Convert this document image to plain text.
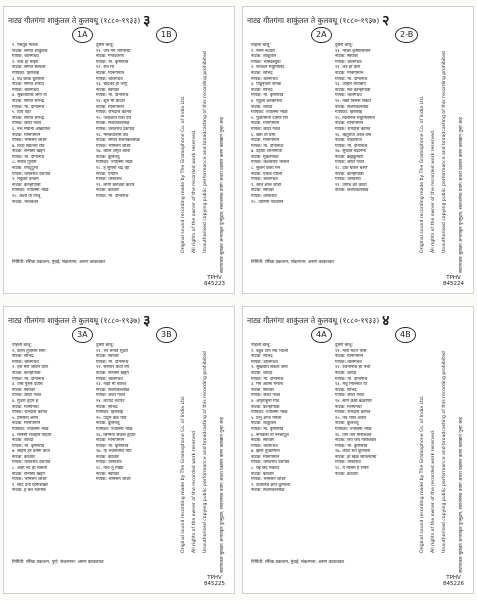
नाट्य गीतगंगा शाकुंतल ते कुलवधू (१८८०-१९३३) ३
1A	1B
१. पंचतुंड नररुंड
नाटक: संगीत शाकुंतल
गायक: बालगंधर्व
२. नाथ हा माझा
नाटक: संगीत स्वयंवर
गायिका: हिराबाई
३. वद जाऊ कुणाला
नाटक: संगीत शारदा
गायक: बालगंधर्व
४. सुकतातचि जगी या
नाटक: संगीत सौभद्र
गायक: मा. दीनानाथ
५. प्रिये पहा
नाटक: संगीत सौभद्र
गायक: छोटा गंधर्व
६. नभ मेघांनी आक्रमिले
नाटक: मानापमान
गायक: भीमसेन जोशी
७. दिव्य स्वातंत्र्य रवि
नाटक: संन्यस्त खड्ग
गायक: मा. दीनानाथ
८. सत्तेचे गुलाम
नाटक: रणदुंदुभी
गायक: वसंतराव देशपांडे
९. मधुकर वनवन
नाटक: कान्होपात्रा
गायिका: ज्योत्स्ना भोळे
१०. कशी या त्यजू
नाटक: भावबंधन
दुसरी बाजू:
११. जय गंगे भागीरथी
नाटक: गंगावतरण
गायक: मा. कृष्णराव
१२. रवि मी
नाटक: मानापमान
गायक: बालगंधर्व
१३. चंद्रिका ही जणू
नाटक: स्वयंवर
गायक: मा. दीनानाथ
१४. शूरा मी वंदिले
नाटक: मानापमान
गायक: रामदास कामत
१५. परवशता पाश दैवे
नाटक: संशयकल्लोळ
गायक: वसंतराव देशपांडे
१६. मर्मबंधातली ठेव
नाटक: संगीत संशयकल्लोळ
गायक: भीमसेन जोशी
१७. बोला अमृत बोला
नाटक: कुलवधू
गायिका: ज्योत्स्ना भोळे
१८. हे सुरांनो चंद्र व्हा
नाटक: ययाति
गायक: वसंतराव
१९. लागी करेजवा कटार
नाटक: कट्यार
गायक: मा. दीनानाथ
निर्मिती: रसिक प्रकाशन, मुंबई; संकल्पना: अरुण काकतकर
Original sound recording made by The Gramophone Co. of India Ltd.	All rights of the owner of the recorded work reserved.	Unauthorised copying public performance and broadcasting of this recording prohibited	सर्वाधिकार सुरक्षित अनधिकृत पुनर्मुद्रण, सार्वजनिक प्रयोग अथवा प्रक्षेपण करणे कायद्याने गुन्हा आहे
TPHV
845223
नाट्य गीतगंगा शाकुंतल ते कुलवधू (१८८०-१९३७) २
2A	2-B
पहिली बाजू:
१. नमन नटवरा
नाटक: शाकुंतल
गायक: भास्करबुवा
२. राधाधर मधुमिलिंद
नाटक: सौभद्र
गायक: बालगंधर्व
३. पांडुनृपती जनक
नाटक: सौभद्र
गायक: मा. कृष्णराव
४. मृदुला करकमला
नाटक: शारदा
गायिका: ज्योत्स्ना भोळे
५. युवतिमना दारुण रण
नाटक: मानापमान
गायक: छोटा गंधर्व
६. खरा तो प्रेमा
नाटक: मानापमान
गायक: मा. दीनानाथ
७. देहाता शरणागता
नाटक: मूकनायक
गायक: केशवराव भोसले
८. सुजन कसा मन
नाटक: एकच प्याला
गायक: बालगंधर्व
९. लाल शाल जोडी
नाटक: स्वयंवर
गायक: वसंतराव
१०. तारिणी नववसन
दुसरी बाजू:
११. नरवर कृष्णासमान
नाटक: स्वयंवर
गायक: बालगंधर्व
१२. कर हा करी
नाटक: मानापमान
गायक: मा. दीनानाथ
१३. जोहार मायबाप
नाटक: संत कान्होपात्रा
गायक: बालगंधर्व
१४. नको विसरू संकेत
नाटक: संशयकल्लोळ
गायिका: हिराबाई
१५. विलोपले मधुमिलनात
नाटक: मानापमान
गायक: रामदास कामत
१६. ऋतुराज आज वनी
नाटक: पंडितराज
गायक: मा. दीनानाथ
१७. सुकांत चंद्रानना
नाटक: ब्रह्मकुमारी
गायक: छोटा गंधर्व
१८. देवा धरिले चरण
नाटक: कान्होपात्रा
गायक: वसंतराव
१९. उगीच का कांता
नाटक: संशयकल्लोळ
निर्मिती: रसिक प्रकाशन; संकल्पना: अरुण काकतकर
Original sound recording made by The Gramophone Co. of India Ltd.	All rights of the owner of the recorded work reserved.	Unauthorised copying public performance and broadcasting of this recording prohibited	सर्वाधिकार सुरक्षित अनधिकृत पुनर्मुद्रण, सार्वजनिक प्रयोग अथवा प्रक्षेपण करणे कायद्याने गुन्हा आहे
TPHV
845224
नाट्य गीतगंगा शाकुंतल ते कुलवधू (१८८०-१९३७) ३
3A	3B
पहिली बाजू:
१. कोण तुजसम सांग
नाटक: सौभद्र
गायक: बालगंधर्व
२. हरी मेरो जीवन प्राण
नाटक: कान्होपात्रा
गायक: मा. दीनानाथ
३. तेचि पुरुष दैवाचे
नाटक: स्वयंवर
गायक: छोटा गंधर्व
४. गुंतता हृदय हे
नाटक: मत्स्यगंधा
गायक: रामदास कामत
५. प्रेमसेवा शरण
नाटक: मानापमान
गायिका: ज्योत्स्ना भोळे
६. मानसी राजहंस पोहतो
नाटक: शारदा
गायक: मा. कृष्णराव
७. सोहम् हर डमरू बाजे
नाटक: कट्यार
गायक: वसंतराव देशपांडे
८. अशी नटे ही चारुता
नाटक: संन्यस्त खड्ग
गायक: भीमसेन जोशी
९. साद देती हिमशिखरे
नाटक: हे बंध रेशमाचे
दुसरी बाजू:
११. भरे मनात सुंदरा
नाटक: स्वयंवर
गायक: मा. दीनानाथ
१२. सरणार कधी रण
नाटक: संन्यस्त खड्ग
गायक: बालगंधर्व
१३. नाही मी बोलत
नाटक: संशयकल्लोळ
गायक: छोटा गंधर्व
१४. लटपट लटपट
नाटक: सौभद्र
गायिका: हिराबाई
१५. दाटून कंठ येतो
नाटक: कुलवधू
गायिका: ज्योत्स्ना भोळे
१६. चिन्मया सकल हृदया
नाटक: मानापमान
गायक: मा. कृष्णराव
१७. या भवनातील गीत
नाटक: कट्यार
गायक: वसंतराव
१८. नाथ तू माझा
नाटक: स्वयंवर
गायक: भीमसेन जोशी
निर्मिती: रसिक प्रकाशन, पुणे; संकल्पना: अरुण काकतकर
Original sound recording made by The Gramophone Co. of India Ltd.	All rights of the owner of the recorded work reserved.	Unauthorised copying public performance and broadcasting of this recording prohibited	सर्वाधिकार सुरक्षित अनधिकृत पुनर्मुद्रण, सार्वजनिक प्रयोग अथवा प्रक्षेपण करणे कायद्याने गुन्हा आहे
TPHV
845225
नाट्य गीतगंगा शाकुंतल ते कुलवधू (१८८०-१९३३) ४
4A	4B
पहिली बाजू:
१. बहुत दिन नच भेटलो
नाटक: सौभद्र
गायक: बालगंधर्व
२. सुखवीत सकल जना
नाटक: शारदा
गायक: मा. दीनानाथ
३. मम आत्मा गमला
नाटक: स्वयंवर
गायक: छोटा गंधर्व
४. अमृताहुनी गोड
नाटक: कान्होपात्रा
गायिका: ज्योत्स्ना भोळे
५. प्रभु अजि गमला
नाटक: शाकुंतल
गायक: मा. कृष्णराव
६. रूपबली तो नरशार्दूल
नाटक: स्वयंवर
गायक: बालगंधर्व
७. झाले युवतिमना
नाटक: मानापमान
गायक: वसंतराव देशपांडे
८. घेई छंद मकरंद
नाटक: कट्यार
गायक: भीमसेन जोशी
९. देवाघरचे ज्ञात कुणाला
नाटक: संशयकल्लोळ
दुसरी बाजू:
११. मला मदन भासे
नाटक: मानापमान
गायक: बालगंधर्व
१२. रजनीनाथ हा नभी
नाटक: शारदा
गायक: मा. दीनानाथ
१३. मधु मिलनात या
नाटक: सौभद्र
गायक: छोटा गंधर्व
१४. सांग कधी कळणार
नाटक: मत्स्यगंधा
गायक: रामदास कामत
१५. तव भास अंतरा
नाटक: कुलवधू
गायिका: ज्योत्स्ना भोळे
१६. जय जय गौरीशंकर
नाटक: जय जय गौरीशंकर
गायक: मा. कृष्णराव
१७. काटा रुते कुणाला
नाटक: हा खेळ सावल्यांचा
गायक: वसंतराव
१८. ये मौसम है रंगीन
नाटक: कट्यार
निर्मिती: रसिक प्रकाशन, मुंबई; संकल्पना: अरुण काकतकर
Original sound recording made by The Gramophone Co. of India Ltd.	All rights of the owner of the recorded work reserved.	Unauthorised copying public performance and broadcasting of this recording prohibited	सर्वाधिकार सुरक्षित अनधिकृत पुनर्मुद्रण, सार्वजनिक प्रयोग अथवा प्रक्षेपण करणे कायद्याने गुन्हा आहे
TPHV
845226
